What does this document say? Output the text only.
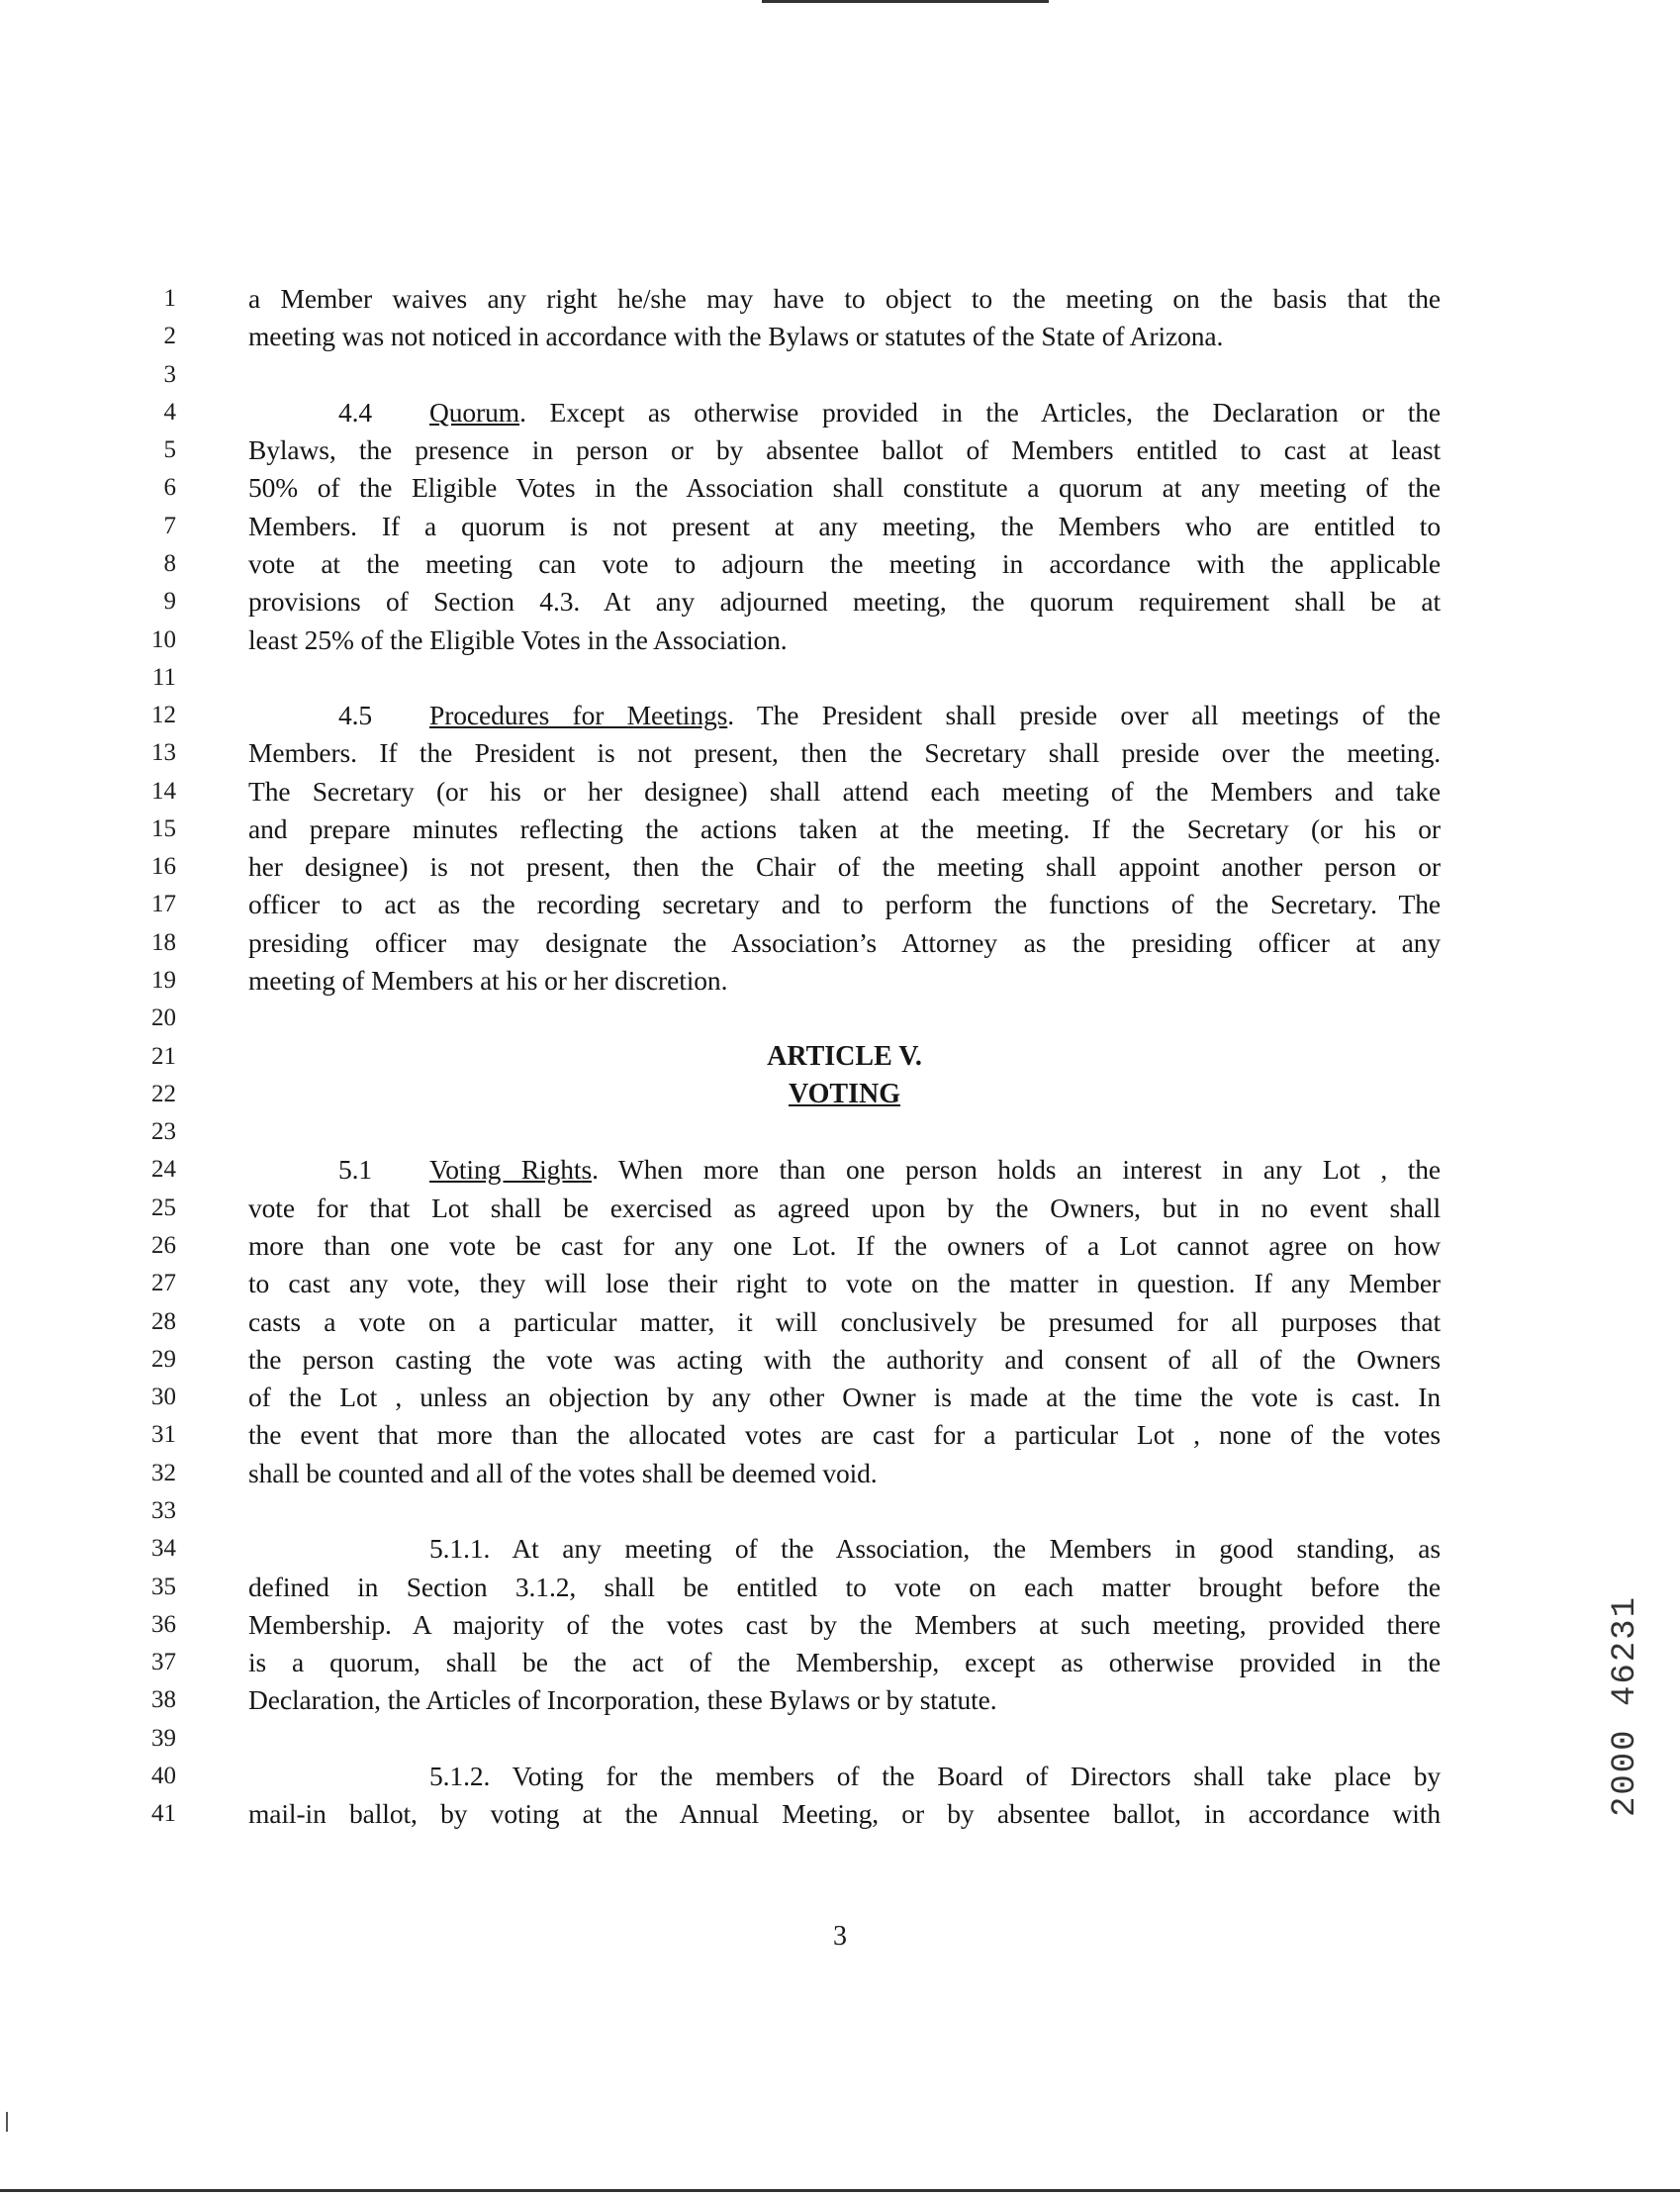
1	a Member waives any right he/she may have to object to the meeting on the basis that the
2	meeting was not noticed in accordance with the Bylaws or statutes of the State of Arizona.
3
4	4.4 Quorum. Except as otherwise provided in the Articles, the Declaration or the
5	Bylaws, the presence in person or by absentee ballot of Members entitled to cast at least
6	50% of the Eligible Votes in the Association shall constitute a quorum at any meeting of the
7	Members. If a quorum is not present at any meeting, the Members who are entitled to
8	vote at the meeting can vote to adjourn the meeting in accordance with the applicable
9	provisions of Section 4.3. At any adjourned meeting, the quorum requirement shall be at
10	least 25% of the Eligible Votes in the Association.
11
12	4.5 Procedures for Meetings. The President shall preside over all meetings of the
13	Members. If the President is not present, then the Secretary shall preside over the meeting.
14	The Secretary (or his or her designee) shall attend each meeting of the Members and take
15	and prepare minutes reflecting the actions taken at the meeting. If the Secretary (or his or
16	her designee) is not present, then the Chair of the meeting shall appoint another person or
17	officer to act as the recording secretary and to perform the functions of the Secretary. The
18	presiding officer may designate the Association’s Attorney as the presiding officer at any
19	meeting of Members at his or her discretion.
20
21	ARTICLE V.
22	VOTING
23
24	5.1 Voting Rights. When more than one person holds an interest in any Lot , the
25	vote for that Lot shall be exercised as agreed upon by the Owners, but in no event shall
26	more than one vote be cast for any one Lot. If the owners of a Lot cannot agree on how
27	to cast any vote, they will lose their right to vote on the matter in question. If any Member
28	casts a vote on a particular matter, it will conclusively be presumed for all purposes that
29	the person casting the vote was acting with the authority and consent of all of the Owners
30	of the Lot , unless an objection by any other Owner is made at the time the vote is cast. In
31	the event that more than the allocated votes are cast for a particular Lot , none of the votes
32	shall be counted and all of the votes shall be deemed void.
33
34	5.1.1. At any meeting of the Association, the Members in good standing, as
35	defined in Section 3.1.2, shall be entitled to vote on each matter brought before the
36	Membership. A majority of the votes cast by the Members at such meeting, provided there
37	is a quorum, shall be the act of the Membership, except as otherwise provided in the
38	Declaration, the Articles of Incorporation, these Bylaws or by statute.
39
40	5.1.2. Voting for the members of the Board of Directors shall take place by
41	mail-in ballot, by voting at the Annual Meeting, or by absentee ballot, in accordance with
3
2000 46231
